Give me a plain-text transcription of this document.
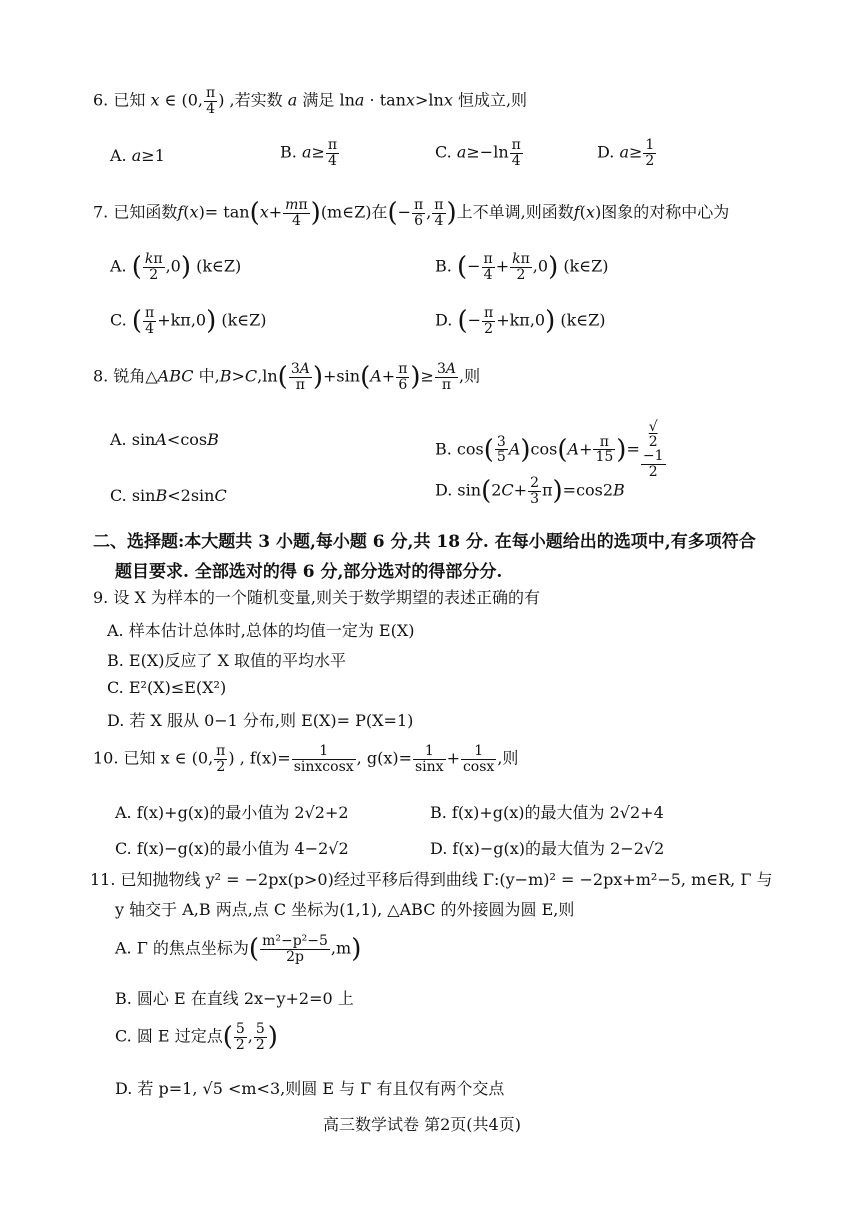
6. 已知 x ∈ (0, $\frac{\pi}{4}$ ) ,若实数 a 满足 lna · tanx>lnx 恒成立,则
A. a≥1	B. $a\ge \frac{\pi}{4}$	C. $a\ge-\ln \frac{\pi}{4}$	D. $a\ge \frac{1}{2}$
7. 已知函数$f(x)= \tan(x+ \frac{m\pi}{4}$ )(m∈Z)在(− $\frac{\pi}{6}$ , $\frac{\pi}{4}$ )上不单调,则函数f(x)图象的对称中心为
A. ( $\frac{k\pi}{2} ,0$) (k∈Z)	B. (− $\frac{\pi}{4} + \frac{k\pi}{2} ,0$) (k∈Z)
C. ( $\frac{\pi}{4} +k\pi,0$) (k∈Z)	D. (− $\frac{\pi}{2} +k\pi,0$) (k∈Z)
8. 锐角△ABC 中$,B>C,\ln( \frac{3A}{\pi} )+\sin(A+ \frac{\pi}{6}$ )≥ $\frac{3A}{\pi}$ ,则
A. sinA<cosB	B. $\cos( \frac{3}{5} A)\cos(A+ \frac{\pi}{15}$ )= √
2
−1
2
C. sinB<2sinC	D. $\sin(2C+ \frac{2}{3} \pi)=\cos 2B$
二、选择题:本大题共 3 小题,每小题 6 分,共 18 分. 在每小题给出的选项中,有多项符合
题目要求. 全部选对的得 6 分,部分选对的得部分分.
9. 设 X 为样本的一个随机变量,则关于数学期望的表述正确的有
A. 样本估计总体时,总体的均值一定为 E(X)
B. E(X)反应了 X 取值的平均水平
C. E²(X)≤E(X²)
D. 若 X 服从 0−1 分布,则 E(X)= P(X=1)
10. 已知 x ∈ (0, $\frac{\pi}{2}$ ) , $f(x)= \frac{1}{\text{sinxcosx}}$ , $g(x)= \frac{1}{\sin x} + \frac{1}{\cos x}$ ,则
A. f(x)+g(x)的最小值为 2√2+2	B. f(x)+g(x)的最大值为 2√2+4
C. f(x)−g(x)的最小值为 4−2√2	D. f(x)−g(x)的最大值为 2−2√2
11. 已知抛物线 y² = −2px(p>0)经过平移后得到曲线 Γ:(y−m)² = −2px+m²−5, m∈R, Γ 与
y 轴交于 A,B 两点,点 C 坐标为(1,1), △ABC 的外接圆为圆 E,则
A. Γ 的焦点坐标为( $\frac{\text{m²−p²−5}}{2p} ,m$)
B. 圆心 E 在直线 2x−y+2=0 上
C. 圆 E 过定点( $\frac{5}{2}$ , $\frac{5}{2}$ )
D. 若 p=1, √5 <m<3,则圆 E 与 Γ 有且仅有两个交点
高三数学试卷 第2页(共4页)
